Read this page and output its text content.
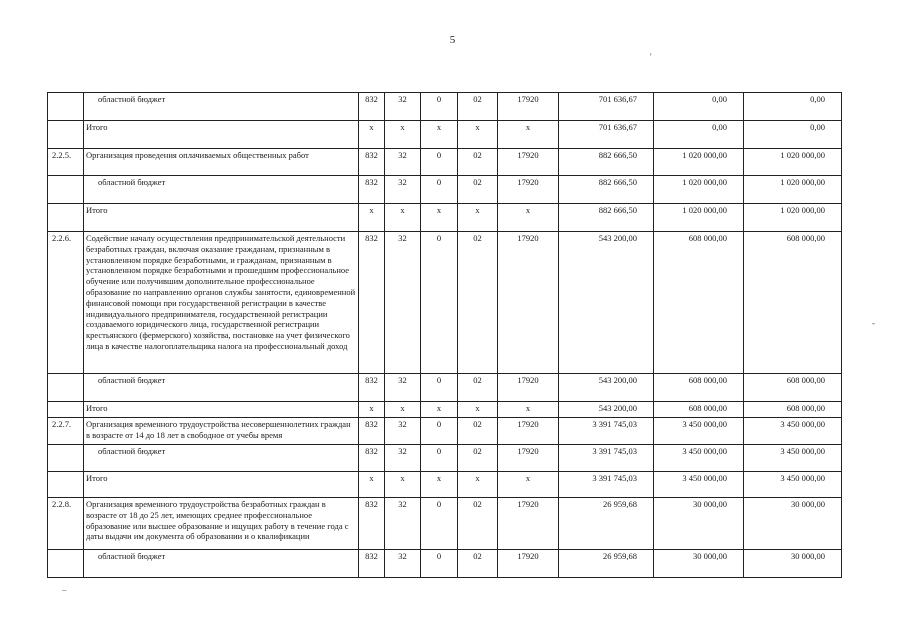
5
	областной бюджет	832	32	0	02	17920	701 636,67	0,00	0,00
	Итого	x	x	x	x	x	701 636,67	0,00	0,00
2.2.5.	Организация проведения оплачиваемых общественных работ	832	32	0	02	17920	882 666,50	1 020 000,00	1 020 000,00
	областной бюджет	832	32	0	02	17920	882 666,50	1 020 000,00	1 020 000,00
	Итого	x	x	x	x	x	882 666,50	1 020 000,00	1 020 000,00
2.2.6.	Содействие началу осуществления предпринимательской деятельности безработных граждан, включая оказание гражданам, признанным в установленном порядке безработными, и гражданам, признанным в установленном порядке безработными и прошедшим профессиональное обучение или получившим дополнительное профессиональное образование по направлению органов службы занятости, единовременной финансовой помощи при государственной регистрации в качестве индивидуального предпринимателя, государственной регистрации создаваемого юридического лица, государственной регистрации крестьянского (фермерского) хозяйства, постановке на учет физического лица в качестве налогоплательщика налога на профессиональный доход	832	32	0	02	17920	543 200,00	608 000,00	608 000,00
	областной бюджет	832	32	0	02	17920	543 200,00	608 000,00	608 000,00
	Итого	x	x	x	x	x	543 200,00	608 000,00	608 000,00
2.2.7.	Организация временного трудоустройства несовершеннолетних граждан в возрасте от 14 до 18 лет в свободное от учебы время	832	32	0	02	17920	3 391 745,03	3 450 000,00	3 450 000,00
	областной бюджет	832	32	0	02	17920	3 391 745,03	3 450 000,00	3 450 000,00
	Итого	x	x	x	x	x	3 391 745,03	3 450 000,00	3 450 000,00
2.2.8.	Организация временного трудоустройства безработных граждан в возрасте от 18 до 25 лет, имеющих среднее профессиональное образование или высшее образование и ищущих работу в течение года с даты выдачи им документа об образовании и о квалификации	832	32	0	02	17920	26 959,68	30 000,00	30 000,00
	областной бюджет	832	32	0	02	17920	26 959,68	30 000,00	30 000,00
'
-
_
